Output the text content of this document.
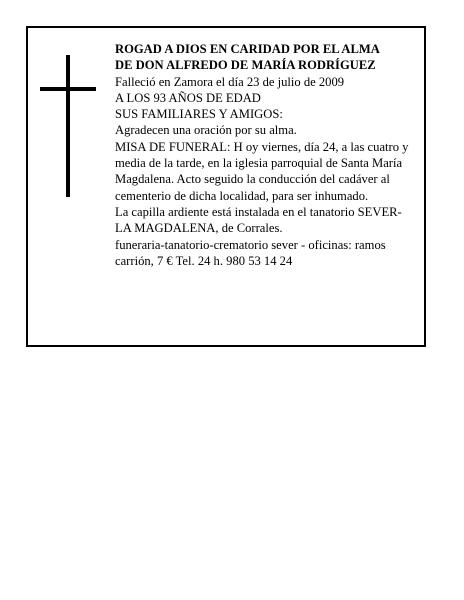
ROGAD A DIOS EN CARIDAD POR EL ALMA

DE DON ALFREDO DE MARÍA RODRÍGUEZ

Falleció en Zamora el día 23 de julio de 2009

A LOS 93 AÑOS DE EDAD

SUS FAMILIARES Y AMIGOS:

Agradecen una oración por su alma.

MISA DE FUNERAL: H oy viernes, día 24, a las cuatro y media de la tarde, en la iglesia parroquial de Santa María Magdalena. Acto seguido la conducción del cadáver al cementerio de dicha localidad, para ser inhumado.

La capilla ardiente está instalada en el tanatorio SEVER-LA MAGDALENA, de Corrales.

funeraria-tanatorio-crematorio sever - oficinas: ramos carrión, 7 € Tel. 24 h. 980 53 14 24
